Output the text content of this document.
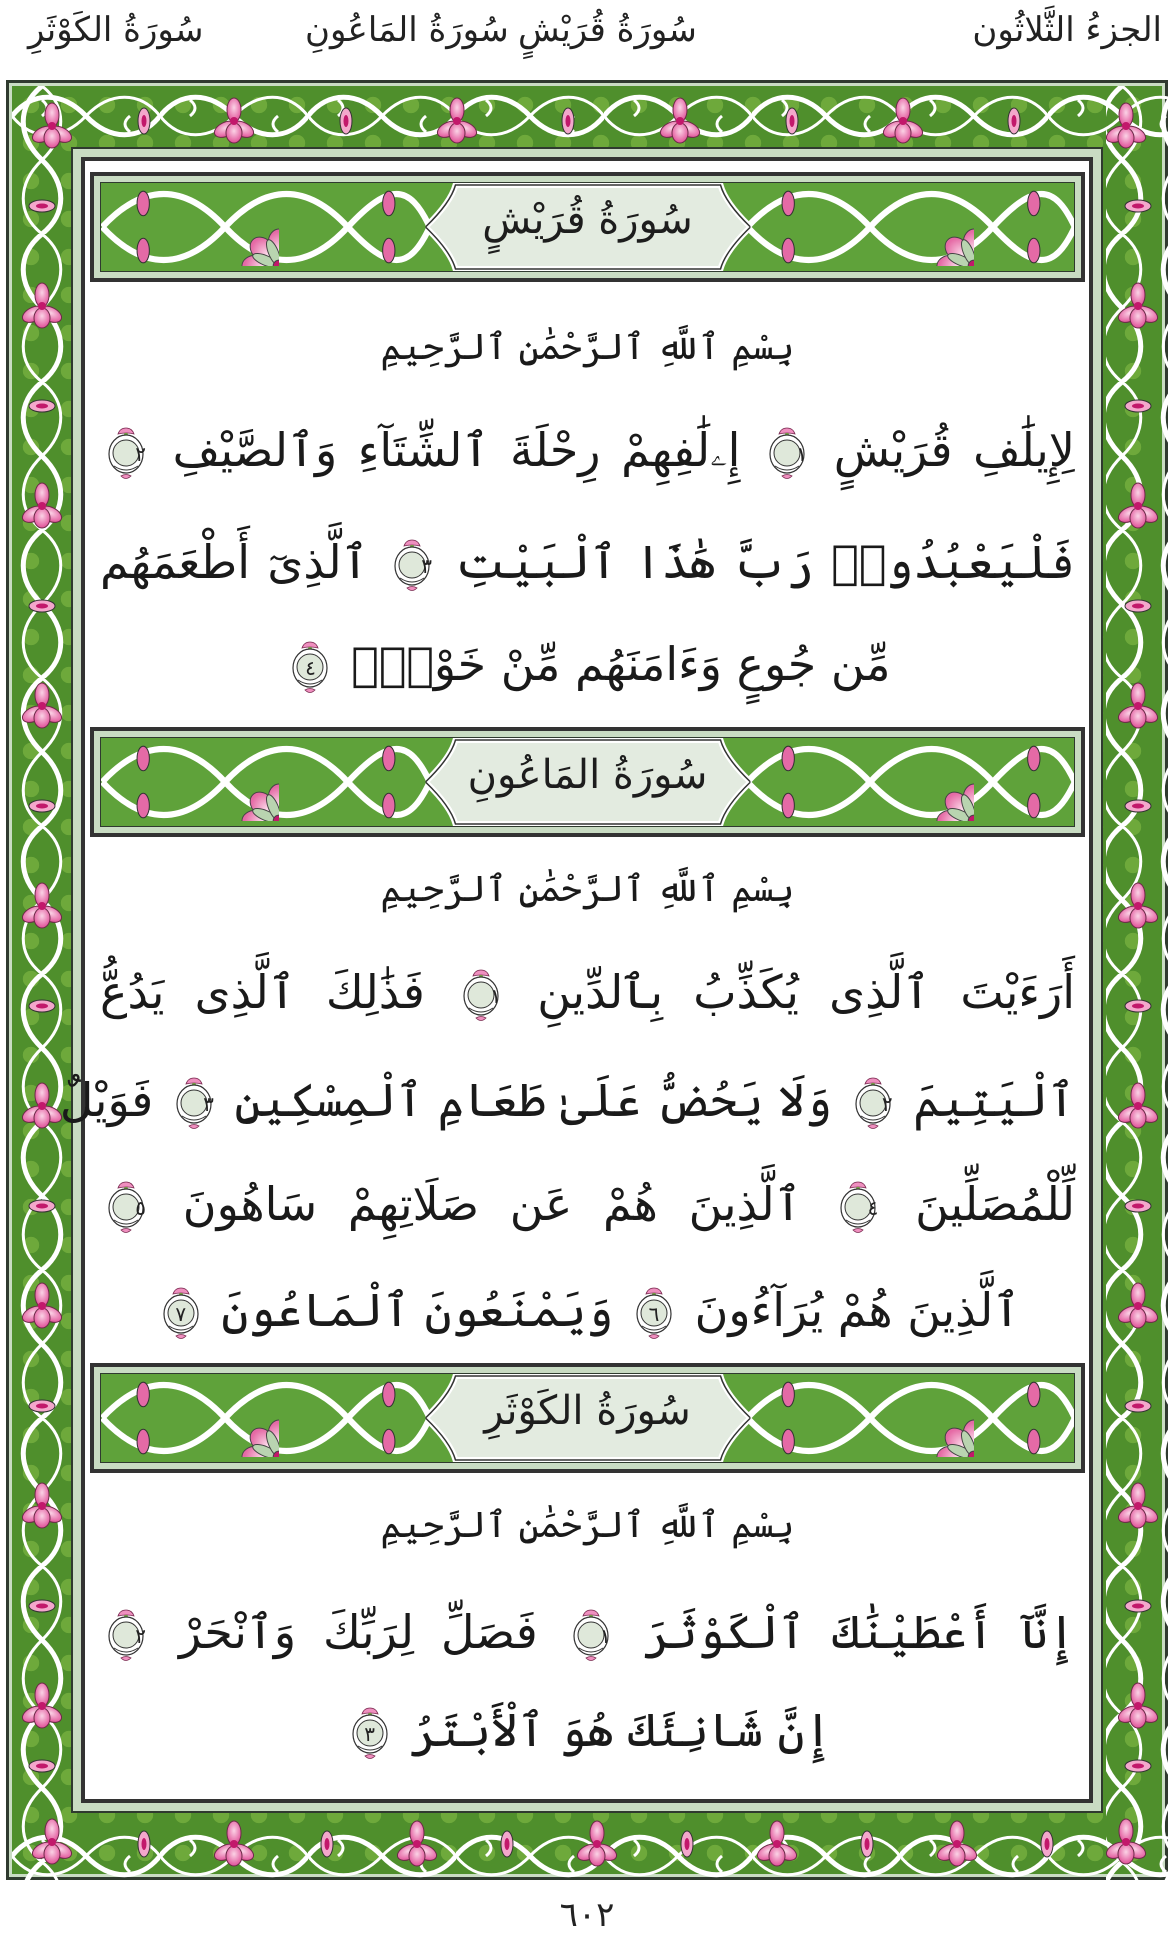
الجزءُ الثَّلاثُون
سُورَةُ قُرَيْشٍ
سُورَةُ المَاعُونِ
سُورَةُ الكَوْثَرِ
سُورَةُ قُرَيْشٍ
بِسْمِ ٱللَّهِ ٱلرَّحْمَٰنِ ٱلرَّحِيمِ
لِإِيلَٰفِ قُرَيْشٍ
١
إِۦلَٰفِهِمْ رِحْلَةَ ٱلشِّتَآءِ وَٱلصَّيْفِ
٢
فَلْيَعْبُدُوا۟ رَبَّ هَٰذَا ٱلْبَيْتِ
٣
ٱلَّذِىٓ أَطْعَمَهُم
مِّن جُوعٍ وَءَامَنَهُم مِّنْ خَوْفٍۭ
٤
سُورَةُ المَاعُونِ
بِسْمِ ٱللَّهِ ٱلرَّحْمَٰنِ ٱلرَّحِيمِ
أَرَءَيْتَ ٱلَّذِى يُكَذِّبُ بِٱلدِّينِ
١
فَذَٰلِكَ ٱلَّذِى يَدُعُّ
ٱلْيَتِيمَ
٢
وَلَا يَحُضُّ عَلَىٰ طَعَامِ ٱلْمِسْكِينِ
٣
فَوَيْلٌ
لِّلْمُصَلِّينَ
٤
ٱلَّذِينَ هُمْ عَن صَلَاتِهِمْ سَاهُونَ
٥
ٱلَّذِينَ هُمْ يُرَآءُونَ
٦
وَيَمْنَعُونَ ٱلْمَاعُونَ
٧
سُورَةُ الكَوْثَرِ
بِسْمِ ٱللَّهِ ٱلرَّحْمَٰنِ ٱلرَّحِيمِ
إِنَّآ أَعْطَيْنَٰكَ ٱلْكَوْثَرَ
١
فَصَلِّ لِرَبِّكَ وَٱنْحَرْ
٢
إِنَّ شَانِئَكَ هُوَ ٱلْأَبْتَرُ
٣
٦٠٢
